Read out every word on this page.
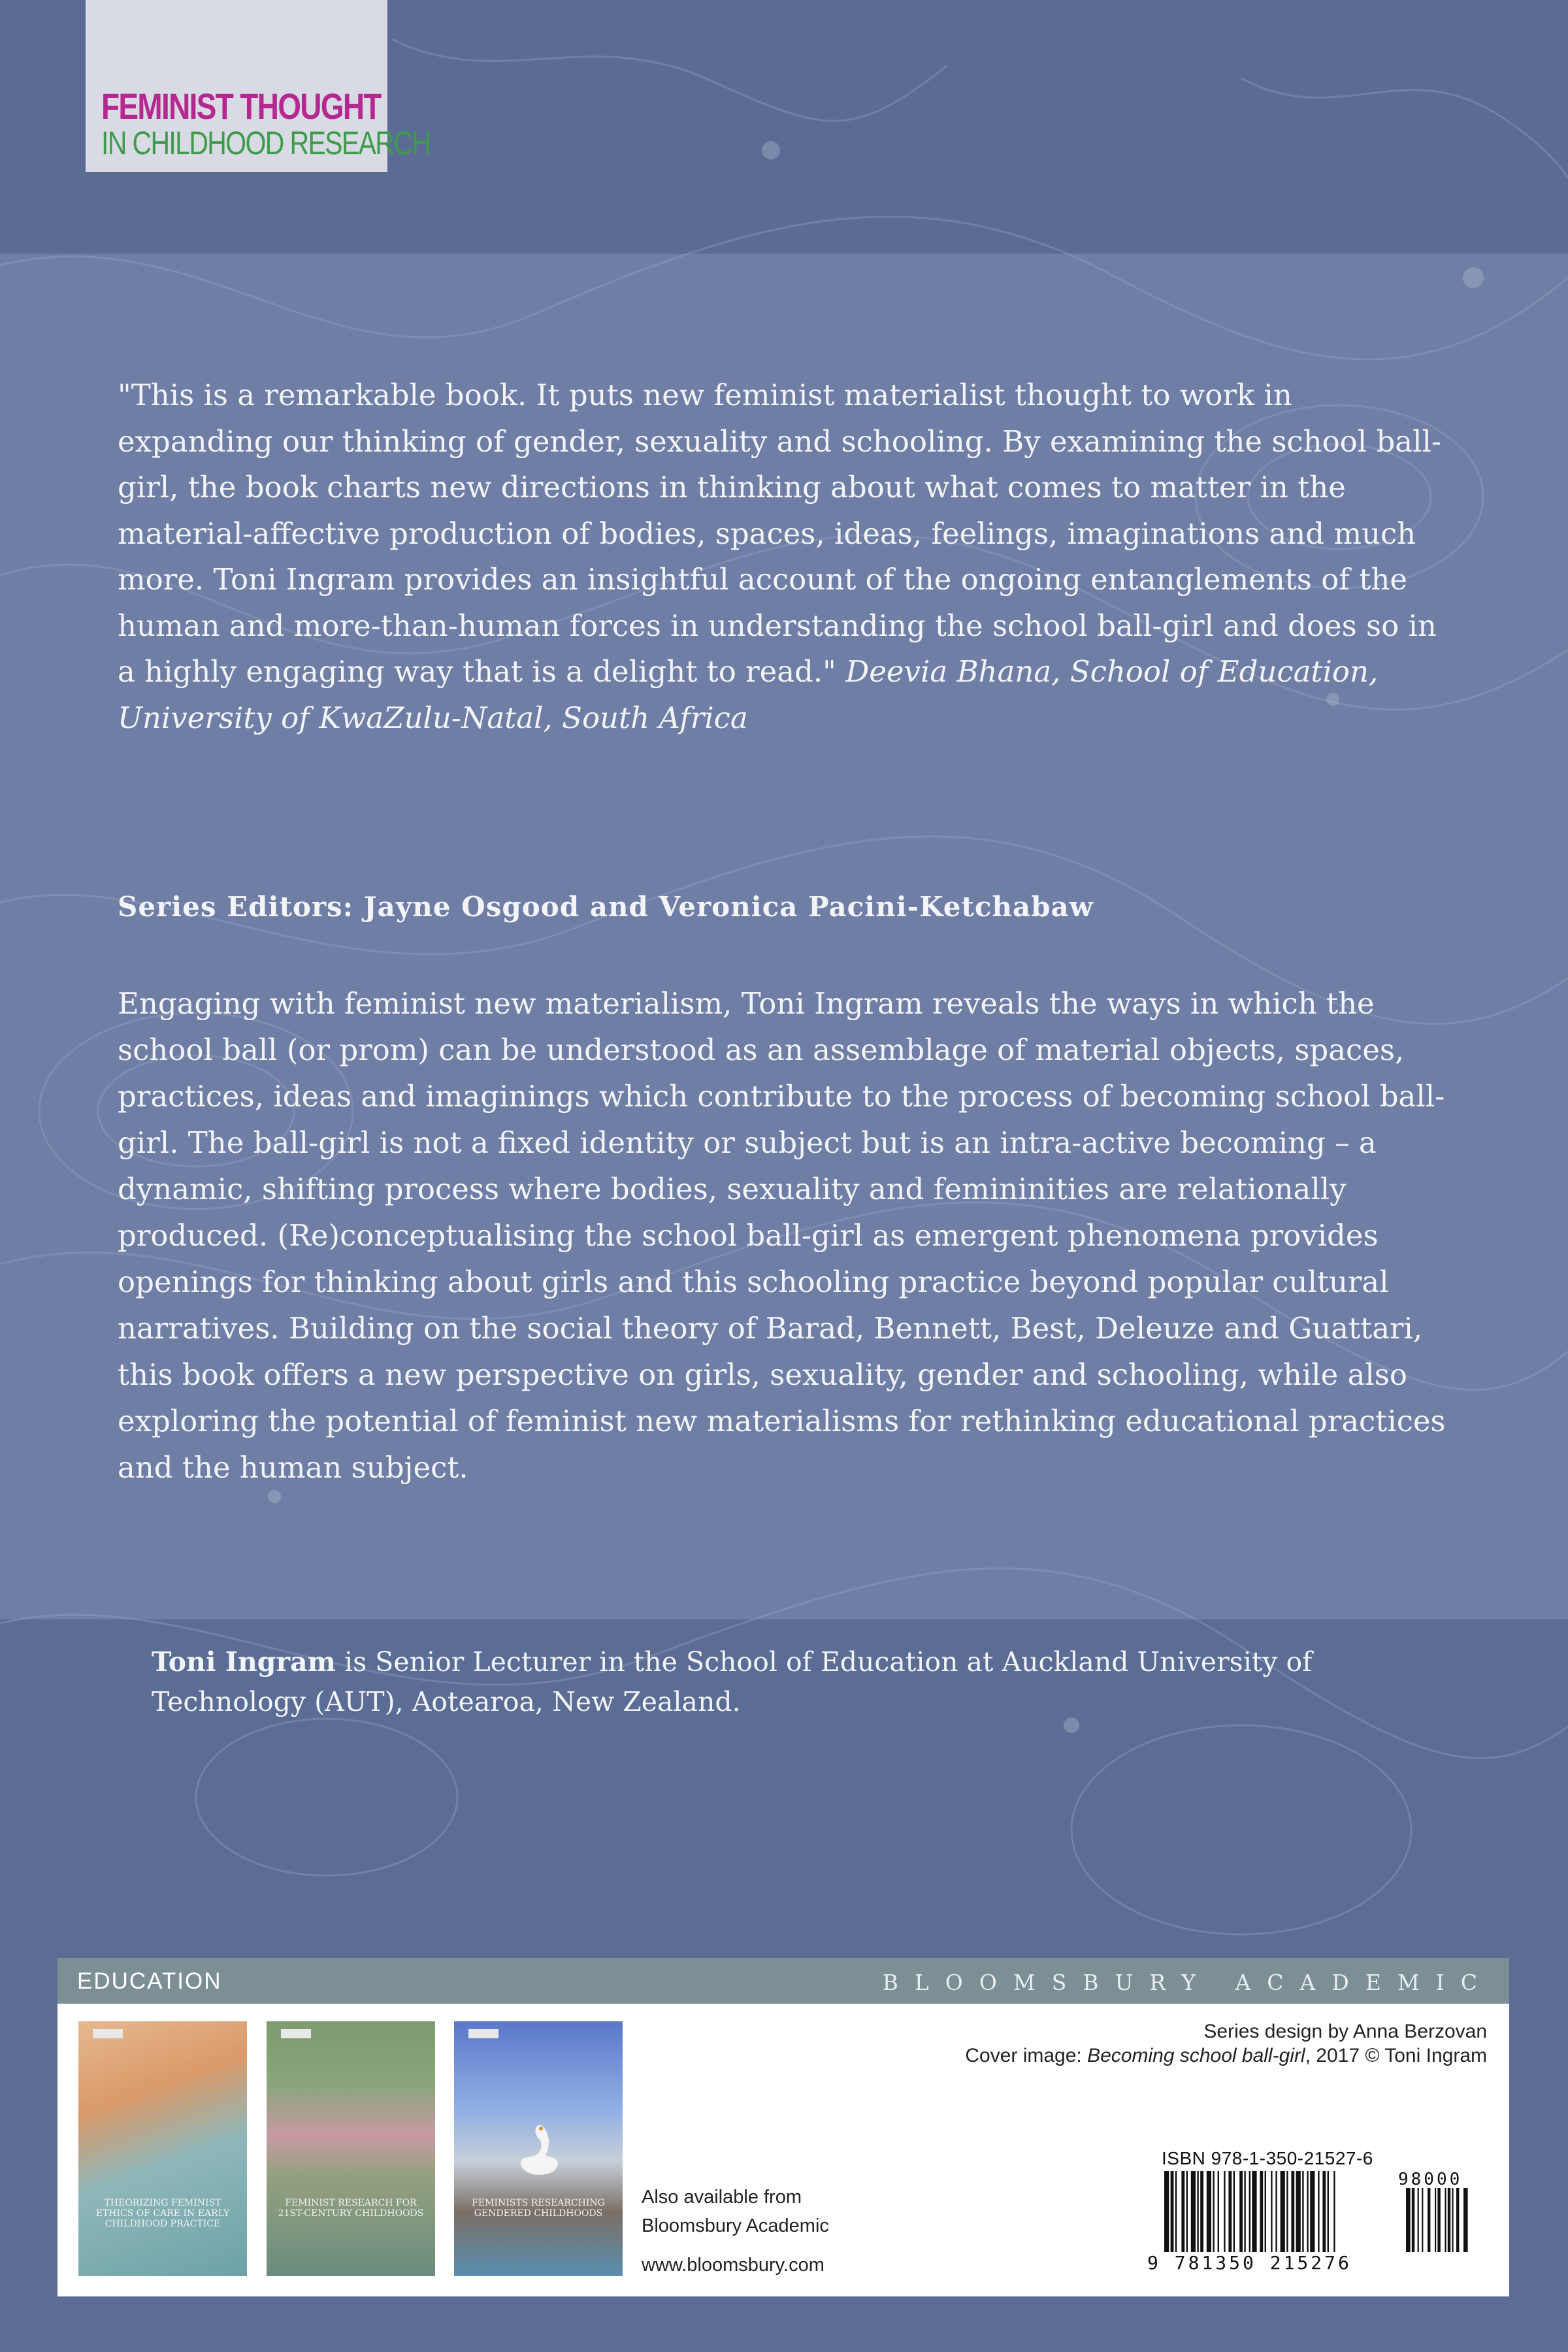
FEMINIST THOUGHT
IN CHILDHOOD RESEARCH
"This is a remarkable book. It puts new feminist materialist thought to work in expanding our thinking of gender, sexuality and schooling. By examining the school ball-girl, the book charts new directions in thinking about what comes to matter in the material-affective production of bodies, spaces, ideas, feelings, imaginations and much more. Toni Ingram provides an insightful account of the ongoing entanglements of the human and more-than-human forces in understanding the school ball-girl and does so in a highly engaging way that is a delight to read." Deevia Bhana, School of Education, University of KwaZulu-Natal, South Africa
Series Editors: Jayne Osgood and Veronica Pacini-Ketchabaw
Engaging with feminist new materialism, Toni Ingram reveals the ways in which the school ball (or prom) can be understood as an assemblage of material objects, spaces, practices, ideas and imaginings which contribute to the process of becoming school ball-girl. The ball-girl is not a fixed identity or subject but is an intra-active becoming – a dynamic, shifting process where bodies, sexuality and femininities are relationally produced. (Re)conceptualising the school ball-girl as emergent phenomena provides openings for thinking about girls and this schooling practice beyond popular cultural narratives. Building on the social theory of Barad, Bennett, Best, Deleuze and Guattari, this book offers a new perspective on girls, sexuality, gender and schooling, while also exploring the potential of feminist new materialisms for rethinking educational practices and the human subject.
Toni Ingram is Senior Lecturer in the School of Education at Auckland University of Technology (AUT), Aotearoa, New Zealand.
EDUCATION	BLOOMSBURY ACADEMIC
THEORIZING FEMINIST ETHICS OF CARE IN EARLY CHILDHOOD PRACTICE
FEMINIST RESEARCH FOR 21ST-CENTURY CHILDHOODS
FEMINISTS RESEARCHING GENDERED CHILDHOODS
Also available from
Bloomsbury Academic
www.bloomsbury.com
Series design by Anna Berzovan
Cover image: Becoming school ball-girl, 2017 © Toni Ingram
ISBN 978-1-350-21527-6
98000
9 781350 215276
